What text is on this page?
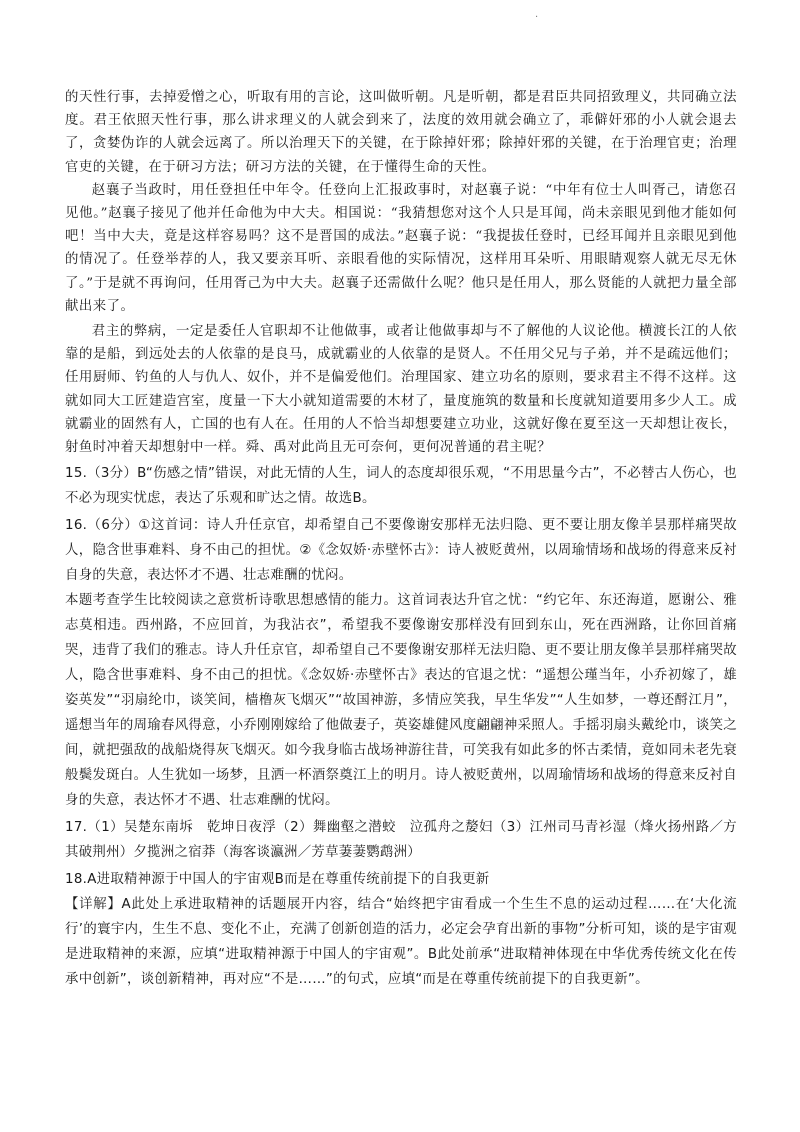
·

的天性行事，去掉爱憎之心，听取有用的言论，这叫做听朝。凡是听朝，都是君臣共同招致理义，共同确立法度。君王依照天性行事，那么讲求理义的人就会到来了，法度的效用就会确立了，乖僻奸邪的小人就会退去了，贪婪伪诈的人就会远离了。所以治理天下的关键，在于除掉奸邪；除掉奸邪的关键，在于治理官吏；治理官吏的关键，在于研习方法；研习方法的关键，在于懂得生命的天性。

赵襄子当政时，用任登担任中年令。任登向上汇报政事时，对赵襄子说：“中年有位士人叫胥己，请您召见他。”赵襄子接见了他并任命他为中大夫。相国说：“我猜想您对这个人只是耳闻，尚未亲眼见到他才能如何吧！当中大夫，竟是这样容易吗？这不是晋国的成法。”赵襄子说：“我提拔任登时，已经耳闻并且亲眼见到他的情况了。任登举荐的人，我又要亲耳听、亲眼看他的实际情况，这样用耳朵听、用眼睛观察人就无尽无休了。”于是就不再询问，任用胥己为中大夫。赵襄子还需做什么呢？他只是任用人，那么贤能的人就把力量全部献出来了。

君主的弊病，一定是委任人官职却不让他做事，或者让他做事却与不了解他的人议论他。横渡长江的人依靠的是船，到远处去的人依靠的是良马，成就霸业的人依靠的是贤人。不任用父兄与子弟，并不是疏远他们；任用厨师、钓鱼的人与仇人、奴仆，并不是偏爱他们。治理国家、建立功名的原则，要求君主不得不这样。这就如同大工匠建造宫室，度量一下大小就知道需要的木材了，量度施筑的数量和长度就知道要用多少人工。成就霸业的固然有人，亡国的也有人在。任用的人不恰当却想要建立功业，这就好像在夏至这一天却想让夜长，射鱼时冲着天却想射中一样。舜、禹对此尚且无可奈何，更何况普通的君主呢？

15.（3分）B“伤感之情”错误，对此无情的人生，词人的态度却很乐观，“不用思量今古”，不必替古人伤心，也不必为现实忧虑，表达了乐观和旷达之情。故选B。

16.（6分）①这首词：诗人升任京官，却希望自己不要像谢安那样无法归隐、更不要让朋友像羊昙那样痛哭故人，隐含世事难料、身不由己的担忧。②《念奴娇·赤壁怀古》：诗人被贬黄州，以周瑜情场和战场的得意来反衬自身的失意，表达怀才不遇、壮志难酬的忧闷。

本题考查学生比较阅读之意赏析诗歌思想感情的能力。这首词表达升官之忧：“约它年、东还海道，愿谢公、雅志莫相违。西州路，不应回首，为我沾衣”，希望我不要像谢安那样没有回到东山，死在西洲路，让你回首痛哭，违背了我们的雅志。诗人升任京官，却希望自己不要像谢安那样无法归隐、更不要让朋友像羊昙那样痛哭故人，隐含世事难料、身不由己的担忧。《念奴娇·赤壁怀古》表达的官退之忧：“遥想公瑾当年，小乔初嫁了，雄姿英发”“羽扇纶巾，谈笑间，樯橹灰飞烟灭”“故国神游，多情应笑我，早生华发”“人生如梦，一尊还酹江月”，遥想当年的周瑜春风得意，小乔刚刚嫁给了他做妻子，英姿雄健风度翩翩神采照人。手摇羽扇头戴纶巾，谈笑之间，就把强敌的战船烧得灰飞烟灭。如今我身临古战场神游往昔，可笑我有如此多的怀古柔情，竟如同未老先衰般鬓发斑白。人生犹如一场梦，且洒一杯酒祭奠江上的明月。诗人被贬黄州，以周瑜情场和战场的得意来反衬自身的失意，表达怀才不遇、壮志难酬的忧闷。

17.（1）吴楚东南坼　乾坤日夜浮（2）舞幽壑之潜蛟　泣孤舟之嫠妇（3）江州司马青衫湿（烽火扬州路／方其破荆州）夕揽洲之宿莽（海客谈瀛洲／芳草萋萋鹦鹉洲）

18.A进取精神源于中国人的宇宙观B而是在尊重传统前提下的自我更新

【详解】A此处上承进取精神的话题展开内容，结合“始终把宇宙看成一个生生不息的运动过程……在‘大化流行’的寰宇内，生生不息、变化不止，充满了创新创造的活力，必定会孕育出新的事物”分析可知，谈的是宇宙观是进取精神的来源，应填“进取精神源于中国人的宇宙观”。B此处前承“进取精神体现在中华优秀传统文化在传承中创新”，谈创新精神，再对应“不是……”的句式，应填“而是在尊重传统前提下的自我更新”。
